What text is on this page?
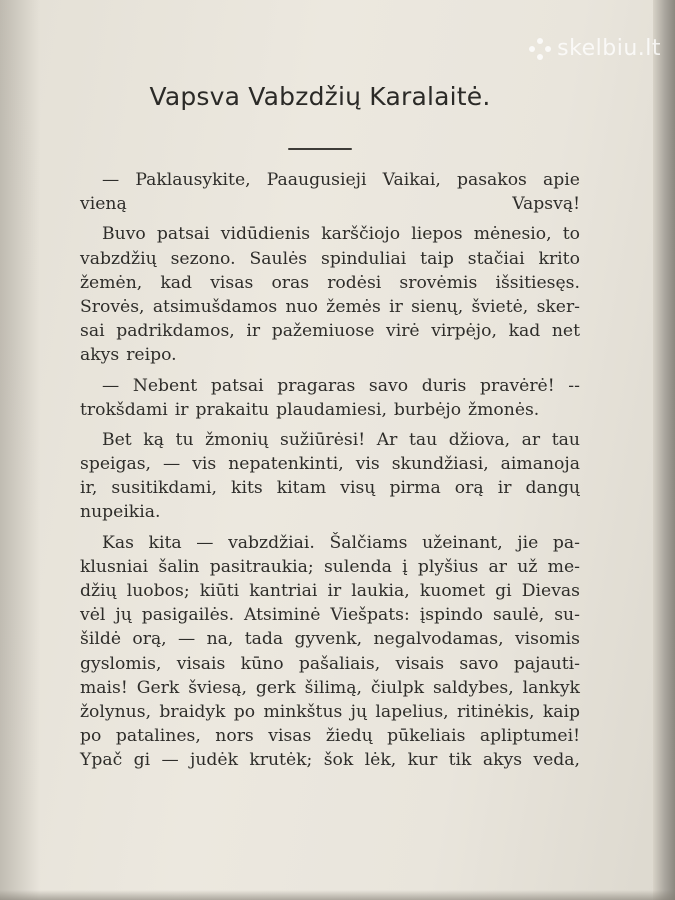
skelbiu.lt
Vapsva Vabzdžių Karalaitė.
— Paklausykite, Paaugusieji Vaikai, pasakos apie
vieną	Vapsvą!
Buvo patsai vidūdienis karščiojo liepos mėnesio, to
vabzdžių sezono. Saulės spinduliai taip stačiai krito
žemėn, kad visas oras rodėsi srovėmis išsitiesęs.
Srovės, atsimušdamos nuo žemės ir sienų, švietė, sker-
sai padrikdamos, ir pažemiuose virė virpėjo, kad net
akys reipo.
— Nebent patsai pragaras savo duris pravėrė! --
trokšdami ir prakaitu plaudamiesi, burbėjo žmonės.
Bet ką tu žmonių sužiūrėsi! Ar tau džiova, ar tau
speigas, — vis nepatenkinti, vis skundžiasi, aimanoja
ir, susitikdami, kits kitam visų pirma orą ir dangų
nupeikia.
Kas kita — vabzdžiai. Šalčiams užeinant, jie pa-
klusniai šalin pasitraukia; sulenda į plyšius ar už me-
džių luobos; kiūti kantriai ir laukia, kuomet gi Dievas
vėl jų pasigailės. Atsiminė Viešpats: įspindo saulė, su-
šildė orą, — na, tada gyvenk, negalvodamas, visomis
gyslomis, visais kūno pašaliais, visais savo pajauti-
mais! Gerk šviesą, gerk šilimą, čiulpk saldybes, lankyk
žolynus, braidyk po minkštus jų lapelius, ritinėkis, kaip
po patalines, nors visas žiedų pūkeliais apliptumei!
Ypač gi — judėk krutėk; šok lėk, kur tik akys veda,
